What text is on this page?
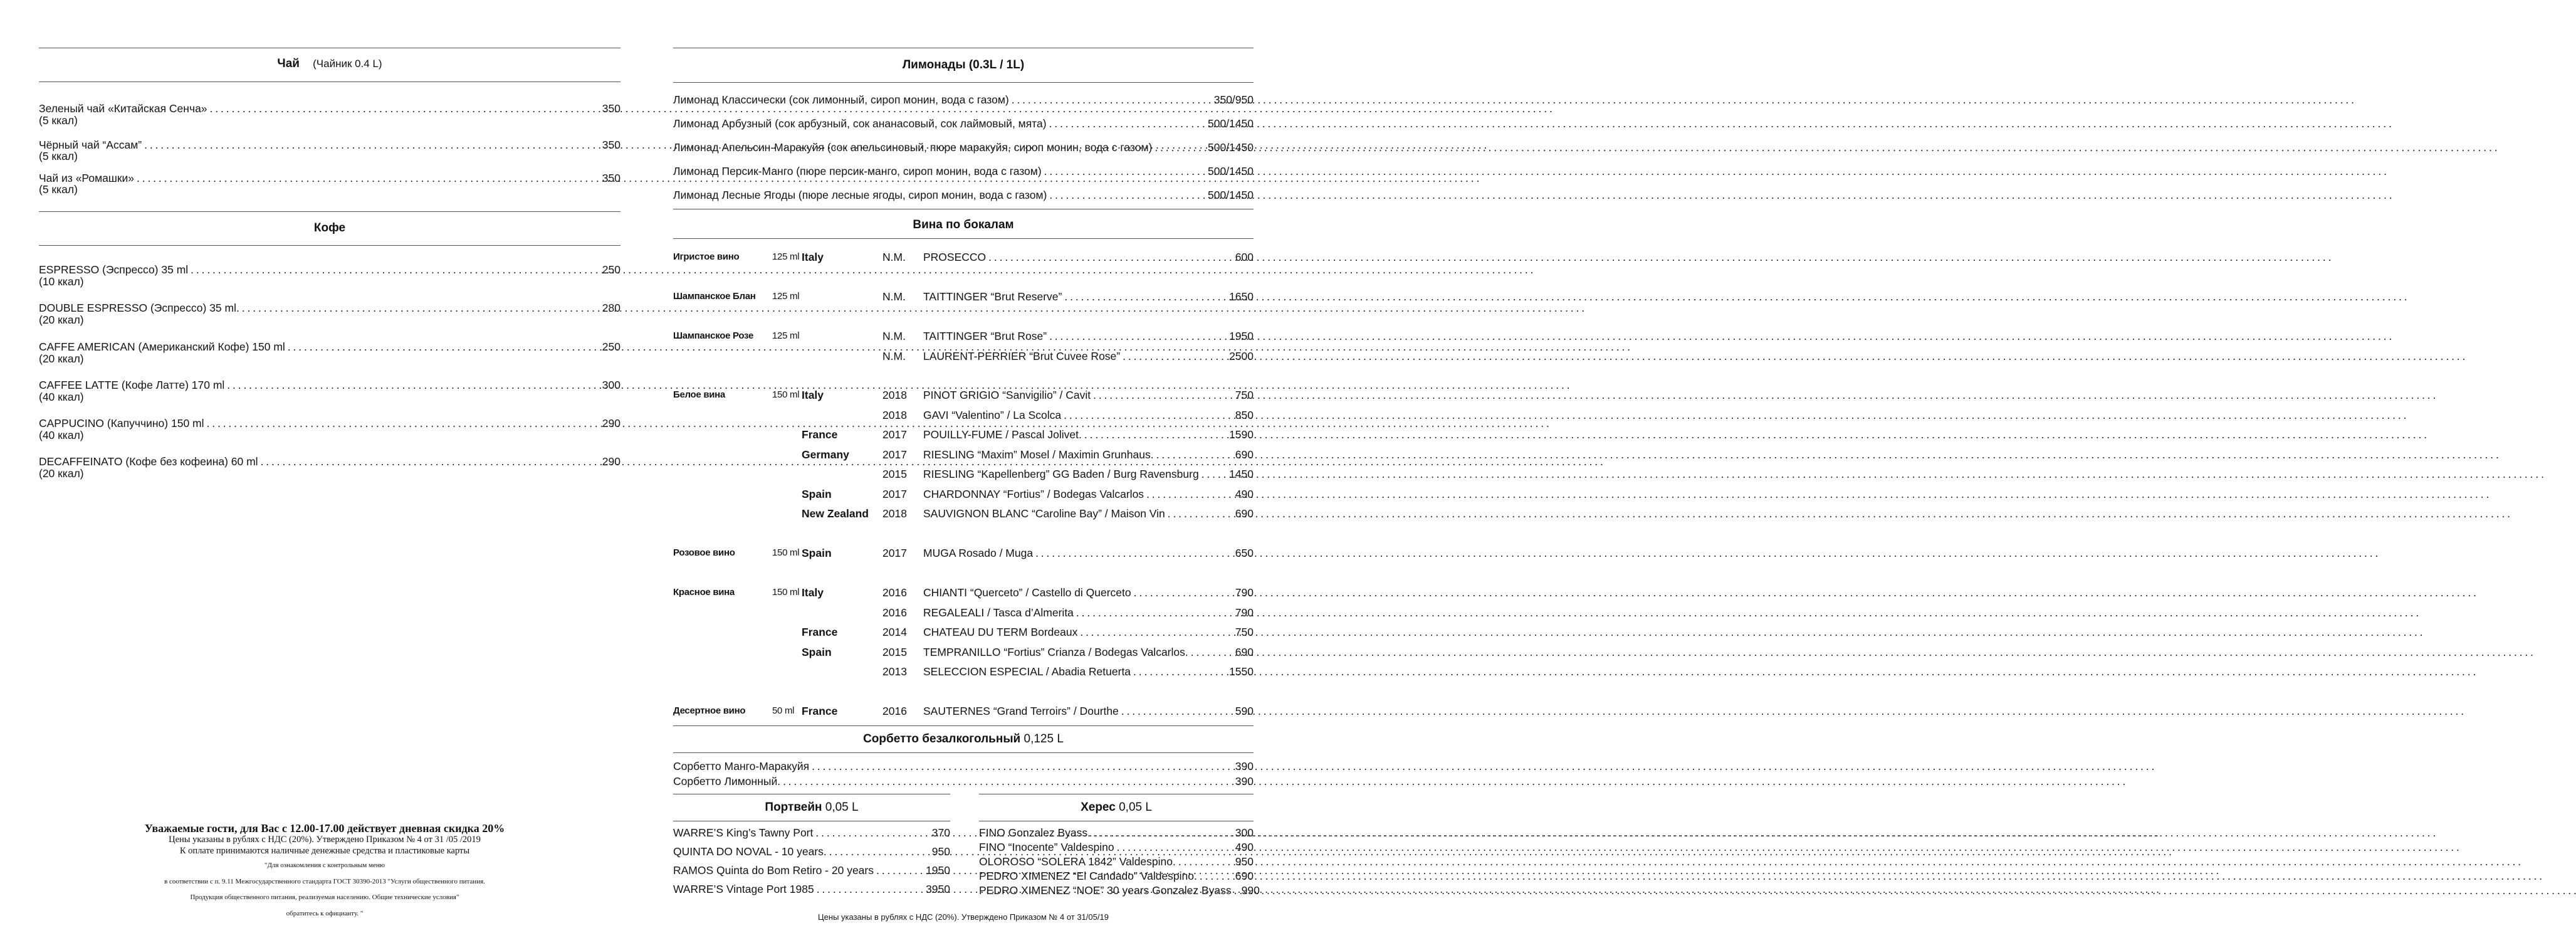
Чай (Чайник 0.4 L)
Зеленый чай «Китайская Сенча» . . .	350
(5 ккал)
Чёрный чай “Ассам” . . .	350
(5 ккал)
Чай из «Ромашки» . . .	350
(5 ккал)
Кофе
ESPRESSO (Эспрессо) 35 ml . . .	250
(10 ккал)
DOUBLE ESPRESSO (Эспрессо) 35 ml. . . .	280
(20 ккал)
CAFFE AMERICAN (Американский Кофе) 150 ml . . .	250
(20 ккал)
CAFFEE LATTE (Кофе Латте) 170 ml . . .	300
(40 ккал)
CAPPUCINO (Капуччино) 150 ml . . .	290
(40 ккал)
DECAFFEINATO (Кофе без кофеина) 60 ml . . .	290
(20 ккал)
Уважаемые гости, для Вас с 12.00-17.00 действует дневная скидка 20%
Цены указаны в рублях с НДС (20%). Утверждено Приказом № 4 от 31 /05 /2019
К оплате принимаются наличные денежные средства и пластиковые карты
"Для ознакомления с контрольным меню
в соответствии с п. 9.11 Межгосударственного стандарта ГОСТ 30390-2013 "Услуги общественного питания.
Продукция общественного питания, реализуемая населению. Общие технические условия"
обратитесь к официанту. "
Лимонады (0.3L / 1L)
Лимонад Классически (сок лимонный, сироп монин, вода с газом) . . .	350/950
Лимонад Арбузный (сок арбузный, сок ананасовый, сок лаймовый, мята) . . .	500/1450
Лимонад Апельсин-Маракуйя (сок апельсиновый, пюре маракуйя, сироп монин, вода с газом) . . .	500/1450
Лимонад Персик-Манго (пюре персик-манго, сироп монин, вода с газом) . . .	500/1450
Лимонад Лесные Ягоды (пюре лесные ягоды, сироп монин, вода с газом) . . .	500/1450
Вина по бокалам
Игристое вино	125 ml Italy	N.M. PROSECCO . . .	600
Шампанское Блан 125 ml	N.M. TAITTINGER “Brut Reserve” . . .	1650
Шампанское Розе 125 ml	N.M. TAITTINGER “Brut Rose” . . .	1950
N.M. LAURENT-PERRIER “Brut Cuvee Rose” . . .	2500
Белое вина	150 ml Italy	2018 PINOT GRIGIO “Sanvigilio” / Cavit . . .	750
2018 GAVI “Valentino” / La Scolca . . .	850
France	2017 POUILLY-FUME / Pascal Jolivet. . . .	1590
Germany	2017 RIESLING “Maxim” Mosel / Maximin Grunhaus. . . .	690
2015 RIESLING “Kapellenberg” GG Baden / Burg Ravensburg . . .	1450
Spain	2017 CHARDONNAY “Fortius” / Bodegas Valcarlos . . .	490
New Zealand 2018 SAUVIGNON BLANC “Caroline Bay” / Maison Vin . . .	690
Розовое вино	150 ml Spain	2017 MUGA Rosado / Muga . . .	650
Красное вина	150 ml Italy	2016 CHIANTI “Querceto” / Castello di Querceto . . .	790
2016 REGALEALI / Tasca d’Almerita . . .	790
France	2014 CHATEAU DU TERM Bordeaux . . .	750
Spain	2015 TEMPRANILLO “Fortius” Crianza / Bodegas Valcarlos. . . .	690
2013 SELECCION ESPECIAL / Abadia Retuerta . . .	1550
Десертное вино	50 ml France	2016 SAUTERNES “Grand Terroirs” / Dourthe . . .	590
Сорбетто безалкогольный 0,125 L
Сорбетто Манго-Маракуйя . . .	390
Сорбетто Лимонный. . . .	390
Портвейн 0,05 L
WARRE’S King’s Tawny Port . . .	370
QUINTA DO NOVAL - 10 years. . . .	950
RAMOS Quinta do Bom Retiro - 20 years . . .	1950
WARRE’S Vintage Port 1985 . . .	3950
Херес 0,05 L
FINO Gonzalez Byass. . . .	300
FINO “Inocente” Valdespino . . .	490
OLOROSO “SOLERA 1842” Valdespino. . . .	950
PEDRO XIMENEZ “El Candado” Valdespino. . . .	690
PEDRO XIMENEZ “NOE” 30 years Gonzalez Byass . . . 990
Цены указаны в рублях с НДС (20%). Утверждено Приказом № 4 от 31/05/19
